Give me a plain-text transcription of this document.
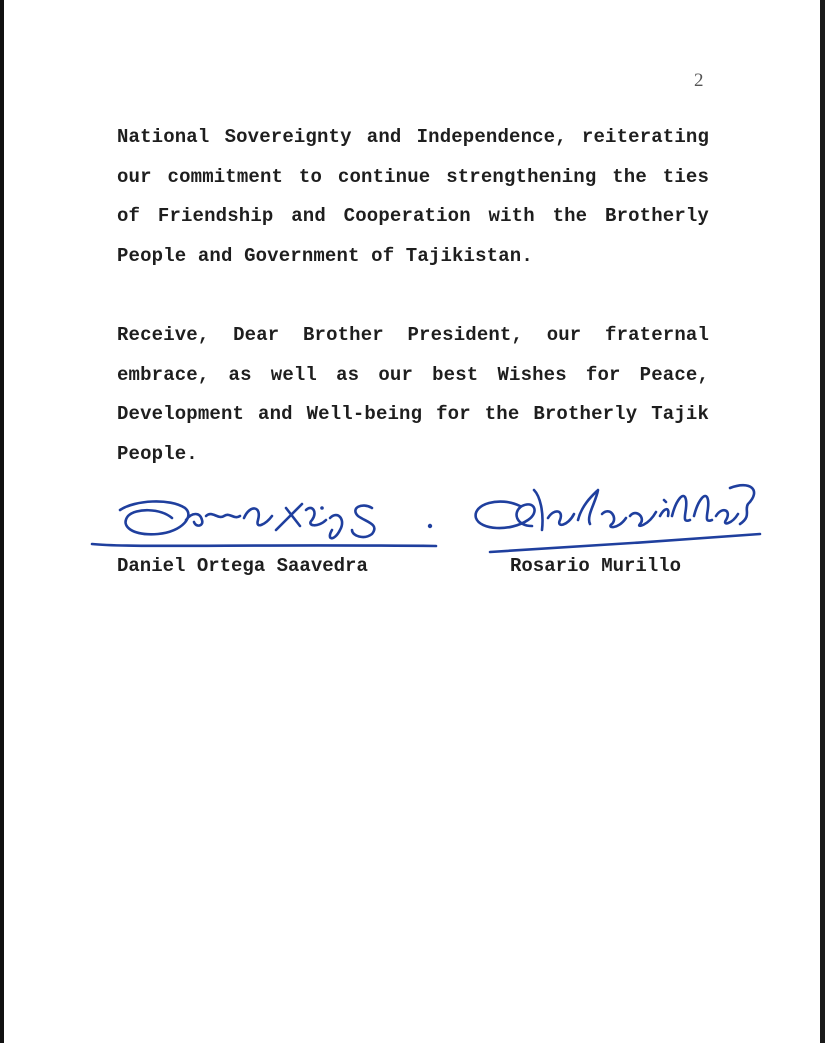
2

National Sovereignty and Independence, reiterating our commitment to continue strengthening the ties of Friendship and Cooperation with the Brotherly People and Government of Tajikistan.

Receive, Dear Brother President, our fraternal embrace, as well as our best Wishes for Peace, Development and Well-being for the Brotherly Tajik People.

Daniel Ortega Saavedra	Rosario Murillo
